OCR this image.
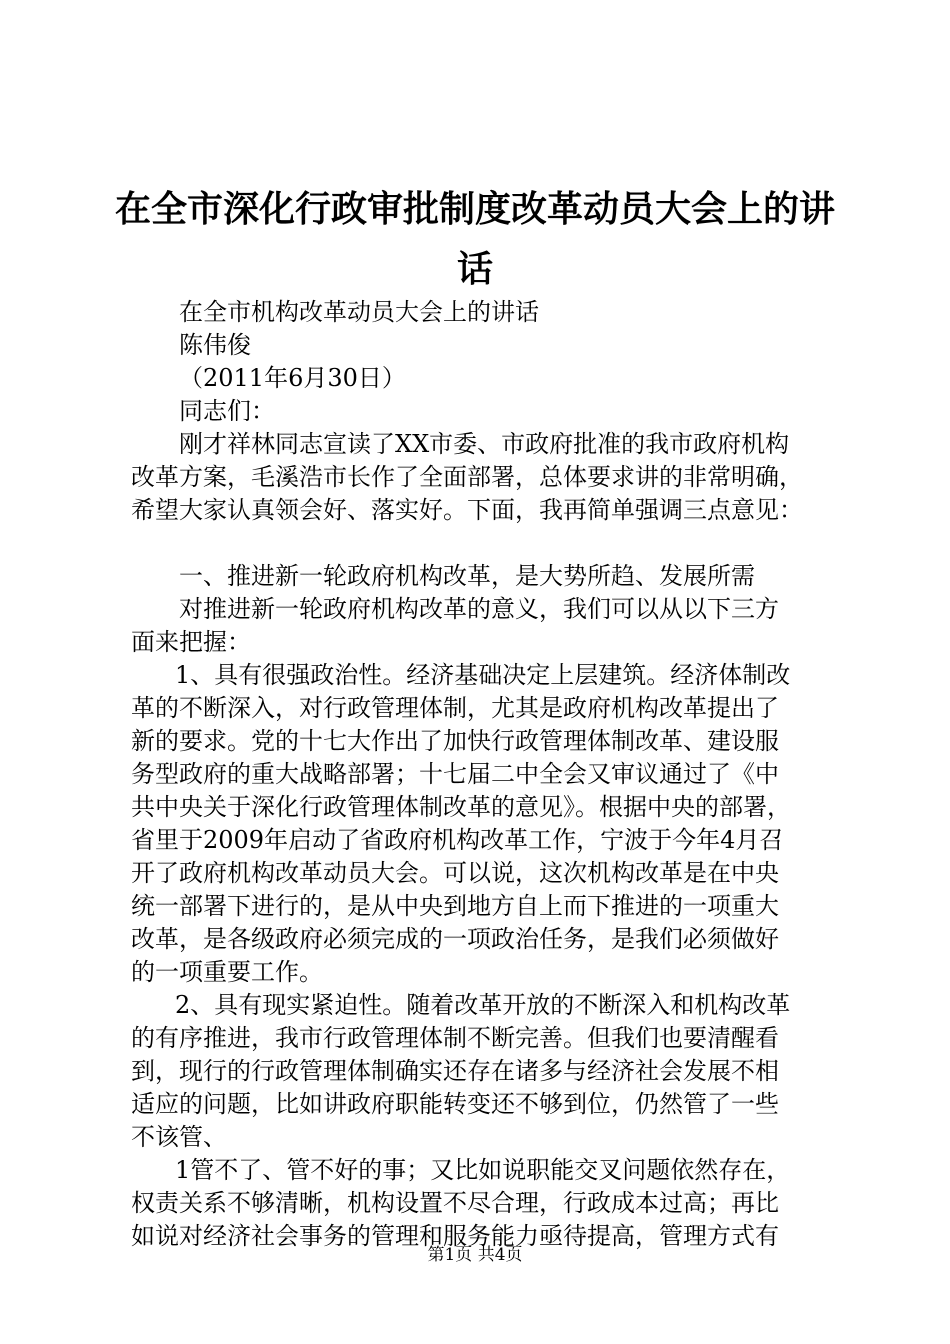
在全市深化行政审批制度改革动员大会上的讲
话
在全市机构改革动员大会上的讲话
陈伟俊
（2011年6月30日）
同志们：
刚才祥林同志宣读了XX市委、市政府批准的我市政府机构
改革方案，毛溪浩市长作了全面部署，总体要求讲的非常明确，
希望大家认真领会好、落实好。下面，我再简单强调三点意见：
一、推进新一轮政府机构改革，是大势所趋、发展所需
对推进新一轮政府机构改革的意义，我们可以从以下三方
面来把握：
1、具有很强政治性。经济基础决定上层建筑。经济体制改
革的不断深入，对行政管理体制，尤其是政府机构改革提出了
新的要求。党的十七大作出了加快行政管理体制改革、建设服
务型政府的重大战略部署；十七届二中全会又审议通过了《中
共中央关于深化行政管理体制改革的意见》。根据中央的部署，
省里于2009年启动了省政府机构改革工作，宁波于今年4月召
开了政府机构改革动员大会。可以说，这次机构改革是在中央
统一部署下进行的，是从中央到地方自上而下推进的一项重大
改革，是各级政府必须完成的一项政治任务，是我们必须做好
的一项重要工作。
2、具有现实紧迫性。随着改革开放的不断深入和机构改革
的有序推进，我市行政管理体制不断完善。但我们也要清醒看
到，现行的行政管理体制确实还存在诸多与经济社会发展不相
适应的问题，比如讲政府职能转变还不够到位，仍然管了一些
不该管、
1管不了、管不好的事；又比如说职能交叉问题依然存在，
权责关系不够清晰，机构设置不尽合理，行政成本过高；再比
如说对经济社会事务的管理和服务能力亟待提高，管理方式有
第1页 共4页
